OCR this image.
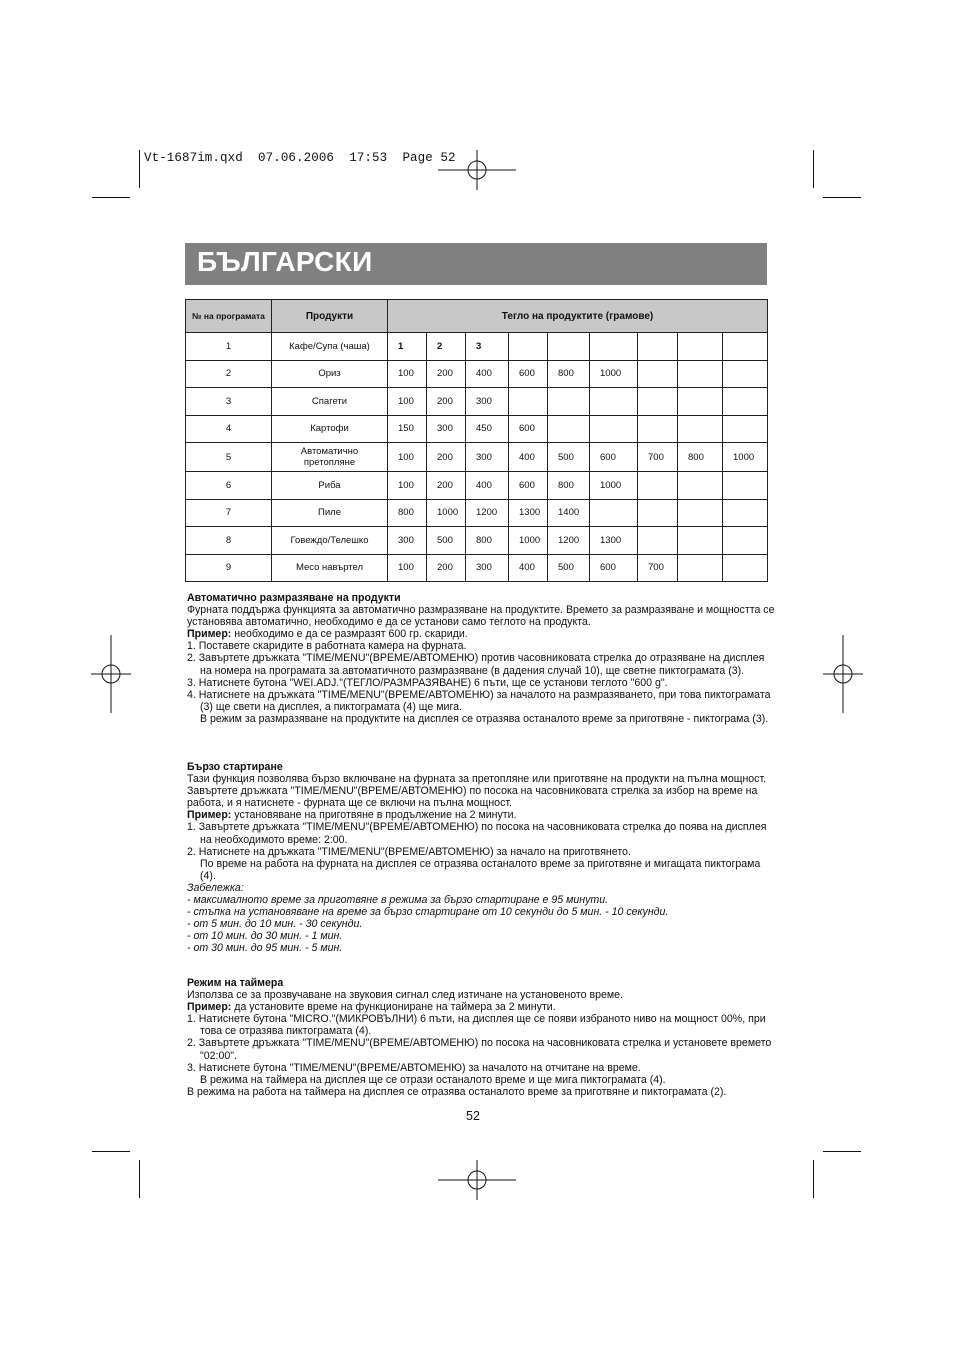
Vt-1687im.qxd  07.06.2006  17:53  Page 52
БЪЛГАРСКИ
№ на програмата	Продукти	Тегло на продуктите (грамове)								
1	Кафе/Супа (чаша)	1	2	3						
2	Ориз	100	200	400	600	800	1000			
3	Спагети	100	200	300						
4	Картофи	150	300	450	600					
5	Автоматично претопляне	100	200	300	400	500	600	700	800	1000
6	Риба	100	200	400	600	800	1000			
7	Пиле	800	1000	1200	1300	1400				
8	Говеждо/Телешко	300	500	800	1000	1200	1300			
9	Месо навъртел	100	200	300	400	500	600	700		

Автоматично размразяване на продукти

Фурната поддържа функцията за автоматично размразяване на продуктите. Времето за размразяване и мощността се установява автоматично, необходимо е да се установи само теглото на продукта.

Пример: необходимо е да се размразят 600 гр. скариди.

1. Поставете скаридите в работната камера на фурната.

2. Завъртете дръжката "TIME/MENU"(ВРЕМЕ/АВТОМЕНЮ) против часовниковата стрелка до отразяване на дисплея на номера на програмата за автоматичното размразяване (в дадения случай 10), ще светне пиктограмата (3).

3. Натиснете бутона "WEI.ADJ."(ТЕГЛО/РАЗМРАЗЯВАНЕ) 6 пъти, ще се установи теглото "600 g".

4. Натиснете на дръжката "TIME/MENU"(ВРЕМЕ/АВТОМЕНЮ) за началото на размразяването, при това пиктограмата (3) ще свети на дисплея, а пиктограмата (4) ще мига.

В режим за размразяване на продуктите на дисплея се отразява останалото време за приготвяне - пиктограма (3).

Бързо стартиране

Тази функция позволява бързо включване на фурната за претопляне или приготвяне на продукти на пълна мощност.

Завъртете дръжката "TIME/MENU"(ВРЕМЕ/АВТОМЕНЮ) по посока на часовниковата стрелка за избор на време на работа, и я натиснете - фурната ще се включи на пълна мощност.

Пример: установяване на приготвяне в продължение на 2 минути.

1. Завъртете дръжката "TIME/MENU"(ВРЕМЕ/АВТОМЕНЮ) по посока на часовниковата стрелка до поява на дисплея на необходимото време: 2:00.

2. Натиснете на дръжката "TIME/MENU"(ВРЕМЕ/АВТОМЕНЮ) за начало на приготвянето.

По време на работа на фурната на дисплея се отразява останалото време за приготвяне и мигащата пиктограма (4).

Забележка:

- максималното време за приготвяне в режима за бързо стартиране е 95 минути.

- стъпка на установяване на време за бързо стартиране от 10 секунди до 5 мин. - 10 секунди.

- от 5 мин. до 10 мин. - 30 секунди.

- от 10 мин. до 30 мин. - 1 мин.

- от 30 мин. до 95 мин. - 5 мин.

Режим на таймера

Използва се за прозвучаване на звуковия сигнал след изтичане на установеното време.

Пример: да установите време на функциониране на таймера за 2 минути.

1. Натиснете бутона "MICRO."(МИКРОВЪЛНИ) 6 пъти, на дисплея ще се появи избраното ниво на мощност 00%, при това се отразява пиктограмата (4).

2. Завъртете дръжката "TIME/MENU"(ВРЕМЕ/АВТОМЕНЮ) по посока на часовниковата стрелка и установете времето "02:00".

3. Натиснете бутона "TIME/MENU"(ВРЕМЕ/АВТОМЕНЮ) за началото на отчитане на време.

В режима на таймера на дисплея ще се отрази останалото време и ще мига пиктограмата (4).

В режима на работа на таймера на дисплея се отразява останалото време за приготвяне и пиктограмата (2).

52
